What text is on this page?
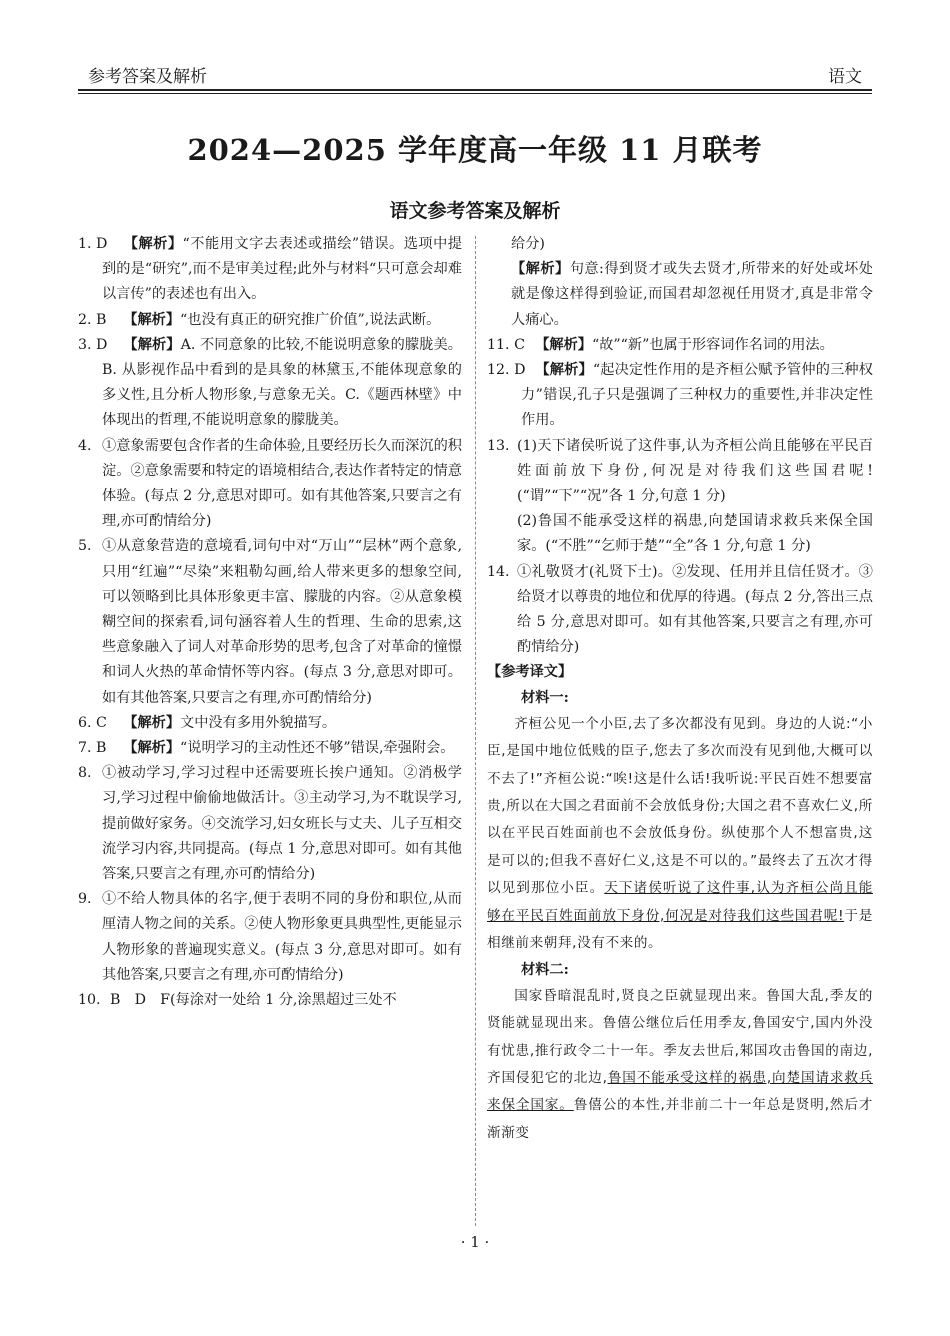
参考答案及解析	语文
2024—2025 学年度高一年级 11 月联考
语文参考答案及解析

1. D
    【解析】“不能用文字去表述或描绘”错误。选项中提到的是“研究”,而不是审美过程;此外与材料“只可意会却难以言传”的表述也有出入。

2. B
    【解析】“也没有真正的研究推广价值”,说法武断。

3. D
    【解析】A. 不同意象的比较,不能说明意象的朦胧美。B. 从影视作品中看到的是具象的林黛玉,不能体现意象的多义性,且分析人物形象,与意象无关。C.《题西林壁》中体现出的哲理,不能说明意象的朦胧美。

4. ①意象需要包含作者的生命体验,且要经历长久而深沉的积淀。②意象需要和特定的语境相结合,表达作者特定的情意体验。(每点 2 分,意思对即可。如有其他答案,只要言之有理,亦可酌情给分)

5. ①从意象营造的意境看,词句中对“万山”“层林”两个意象,只用“红遍”“尽染”来粗勒勾画,给人带来更多的想象空间,可以领略到比具体形象更丰富、朦胧的内容。②从意象模糊空间的探索看,词句涵容着人生的哲理、生命的思索,这些意象融入了词人对革命形势的思考,包含了对革命的憧憬和词人火热的革命情怀等内容。(每点 3 分,意思对即可。如有其他答案,只要言之有理,亦可酌情给分)

6. C
    【解析】文中没有多用外貌描写。

7. B
    【解析】“说明学习的主动性还不够”错误,牵强附会。

8. ①被动学习,学习过程中还需要班长挨户通知。②消极学习,学习过程中偷偷地做活计。③主动学习,为不耽误学习,提前做好家务。④交流学习,妇女班长与丈夫、儿子互相交流学习内容,共同提高。(每点 1 分,意思对即可。如有其他答案,只要言之有理,亦可酌情给分)

9. ①不给人物具体的名字,便于表明不同的身份和职位,从而厘清人物之间的关系。②使人物形象更具典型性,更能显示人物形象的普遍现实意义。(每点 3 分,意思对即可。如有其他答案,只要言之有理,亦可酌情给分)

10. B　D　F(每涂对一处给 1 分,涂黑超过三处不

给分)

【解析】句意:得到贤才或失去贤才,所带来的好处或坏处就是像这样得到验证,而国君却忽视任用贤才,真是非常令人痛心。

11. C
   【解析】“故”“新”也属于形容词作名词的用法。

12. D
   【解析】“起决定性作用的是齐桓公赋予管仲的三种权力”错误,孔子只是强调了三种权力的重要性,并非决定性作用。

13. (1)天下诸侯听说了这件事,认为齐桓公尚且能够在平民百姓面前放下身份,何况是对待我们这些国君呢!(“谓”“下”“况”各 1 分,句意 1 分)

(2)鲁国不能承受这样的祸患,向楚国请求救兵来保全国家。(“不胜”“乞师于楚”“全”各 1 分,句意 1 分)

14. ①礼敬贤才(礼贤下士)。②发现、任用并且信任贤才。③给贤才以尊贵的地位和优厚的待遇。(每点 2 分,答出三点给 5 分,意思对即可。如有其他答案,只要言之有理,亦可酌情给分)

【参考译文】

材料一:

齐桓公见一个小臣,去了多次都没有见到。身边的人说:“小臣,是国中地位低贱的臣子,您去了多次而没有见到他,大概可以不去了!”齐桓公说:“唉!这是什么话!我听说:平民百姓不想要富贵,所以在大国之君面前不会放低身份;大国之君不喜欢仁义,所以在平民百姓面前也不会放低身份。纵使那个人不想富贵,这是可以的;但我不喜好仁义,这是不可以的。”最终去了五次才得以见到那位小臣。天下诸侯听说了这件事,认为齐桓公尚且能够在平民百姓面前放下身份,何况是对待我们这些国君呢!于是相继前来朝拜,没有不来的。

材料二:

国家昏暗混乱时,贤良之臣就显现出来。鲁国大乱,季友的贤能就显现出来。鲁僖公继位后任用季友,鲁国安宁,国内外没有忧患,推行政令二十一年。季友去世后,邾国攻击鲁国的南边,齐国侵犯它的北边,鲁国不能承受这样的祸患,向楚国请求救兵来保全国家。鲁僖公的本性,并非前二十一年总是贤明,然后才渐渐变

· 1 ·
